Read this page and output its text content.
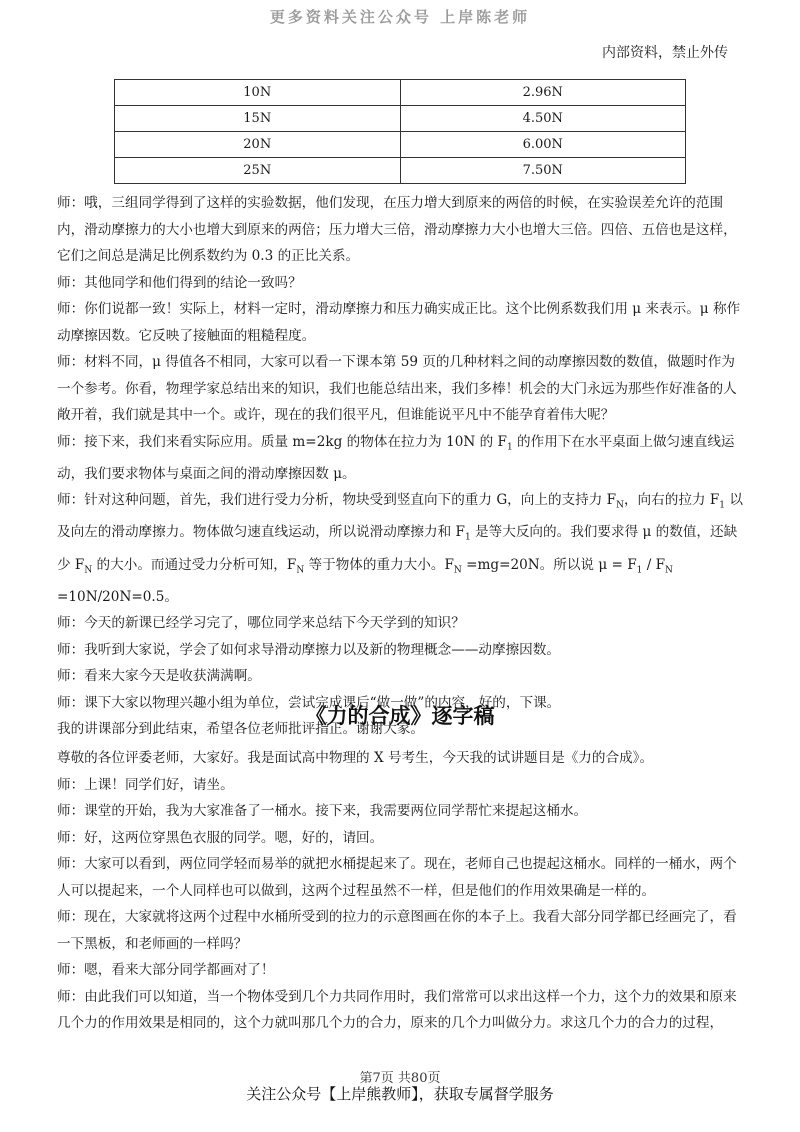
更多资料关注公众号 上岸陈老师
内部资料，禁止外传
10N	2.96N
15N	4.50N
20N	6.00N
25N	7.50N

师：哦，三组同学得到了这样的实验数据，他们发现，在压力增大到原来的两倍的时候，在实验误差允许的范围内，滑动摩擦力的大小也增大到原来的两倍；压力增大三倍，滑动摩擦力大小也增大三倍。四倍、五倍也是这样，它们之间总是满足比例系数约为 0.3 的正比关系。

师：其他同学和他们得到的结论一致吗？

师：你们说都一致！实际上，材料一定时，滑动摩擦力和压力确实成正比。这个比例系数我们用 μ 来表示。μ 称作动摩擦因数。它反映了接触面的粗糙程度。

师：材料不同，μ 得值各不相同，大家可以看一下课本第 59 页的几种材料之间的动摩擦因数的数值，做题时作为一个参考。你看，物理学家总结出来的知识，我们也能总结出来，我们多棒！机会的大门永远为那些作好准备的人敞开着，我们就是其中一个。或许，现在的我们很平凡，但谁能说平凡中不能孕育着伟大呢？

师：接下来，我们来看实际应用。质量 m=2kg 的物体在拉力为 10N 的 $F_1$ 的作用下在水平桌面上做匀速直线运动，我们要求物体与桌面之间的滑动摩擦因数 μ。

师：针对这种问题，首先，我们进行受力分析，物块受到竖直向下的重力 G，向上的支持力 $F_N$，向右的拉力 $F_1$ 以及向左的滑动摩擦力。物体做匀速直线运动，所以说滑动摩擦力和 $F_1$ 是等大反向的。我们要求得 μ 的数值，还缺少 $F_N$ 的大小。而通过受力分析可知，$F_N$ 等于物体的重力大小。$F_N =mg=20N$。所以说 $\mu = F_1 / F_N =10N/20N=0.5$。

师：今天的新课已经学习完了，哪位同学来总结下今天学到的知识？

师：我听到大家说，学会了如何求导滑动摩擦力以及新的物理概念——动摩擦因数。

师：看来大家今天是收获满满啊。

师：课下大家以物理兴趣小组为单位，尝试完成课后“做一做”的内容，好的，下课。

我的讲课部分到此结束，希望各位老师批评指正。谢谢大家。

《力的合成》逐字稿

尊敬的各位评委老师，大家好。我是面试高中物理的 X 号考生，今天我的试讲题目是《力的合成》。

师：上课！同学们好，请坐。

师：课堂的开始，我为大家准备了一桶水。接下来，我需要两位同学帮忙来提起这桶水。

师：好，这两位穿黑色衣服的同学。嗯，好的，请回。

师：大家可以看到，两位同学轻而易举的就把水桶提起来了。现在，老师自己也提起这桶水。同样的一桶水，两个人可以提起来，一个人同样也可以做到，这两个过程虽然不一样，但是他们的作用效果确是一样的。

师：现在，大家就将这两个过程中水桶所受到的拉力的示意图画在你的本子上。我看大部分同学都已经画完了，看一下黑板，和老师画的一样吗？

师：嗯，看来大部分同学都画对了！

师：由此我们可以知道，当一个物体受到几个力共同作用时，我们常常可以求出这样一个力，这个力的效果和原来几个力的作用效果是相同的，这个力就叫那几个力的合力，原来的几个力叫做分力。求这几个力的合力的过程，

第7页 共80页
关注公众号【上岸熊教师】，获取专属督学服务
